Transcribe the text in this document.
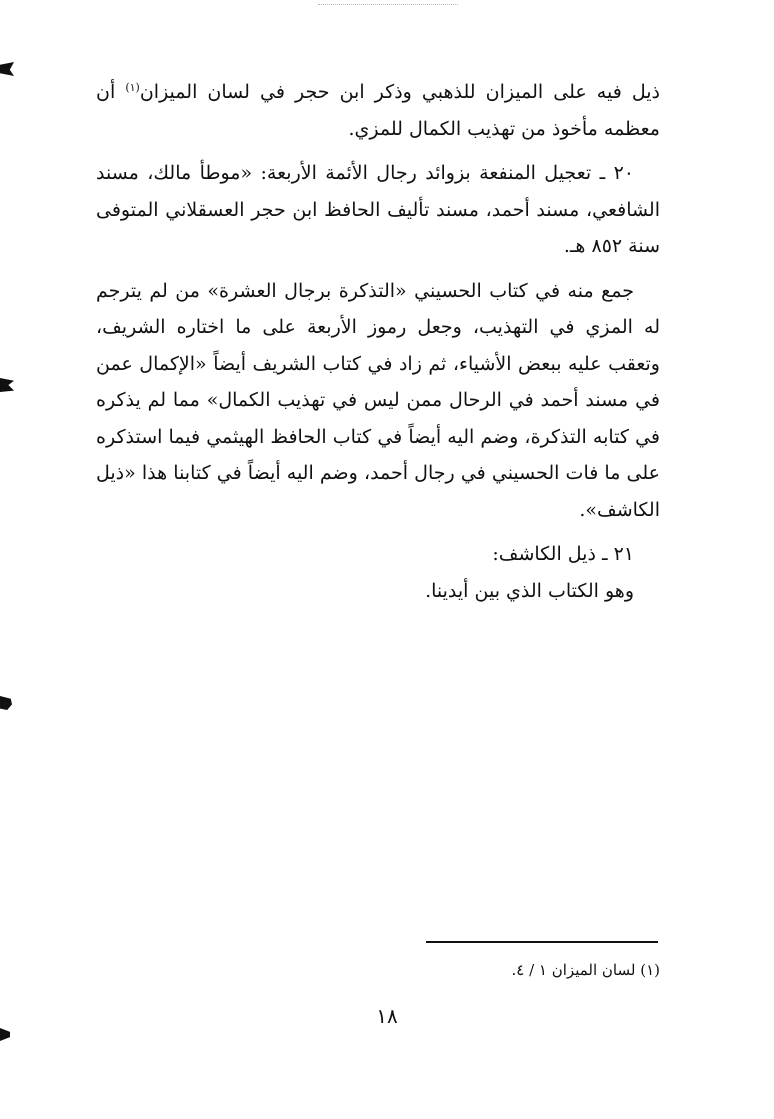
ذيل فيه على الميزان للذهبي وذكر ابن حجر في لسان الميزان$^{(١)}$ أن معظمه مأخوذ من تهذيب الكمال للمزي.

٢٠ ـ تعجيل المنفعة بزوائد رجال الأئمة الأربعة: «موطأ مالك، مسند الشافعي، مسند أحمد، مسند تأليف الحافظ ابن حجر العسقلاني المتوفى سنة ٨٥٢ هـ.

جمع منه في كتاب الحسيني «التذكرة برجال العشرة» من لم يترجم له المزي في التهذيب، وجعل رموز الأربعة على ما اختاره الشريف، وتعقب عليه ببعض الأشياء، ثم زاد في كتاب الشريف أيضاً «الإكمال عمن في مسند أحمد في الرحال ممن ليس في تهذيب الكمال» مما لم يذكره في كتابه التذكرة، وضم اليه أيضاً في كتاب الحافظ الهيثمي فيما استذكره على ما فات الحسيني في رجال أحمد، وضم اليه أيضاً في كتابنا هذا «ذيل الكاشف».

٢١ ـ ذيل الكاشف:

وهو الكتاب الذي بين أيدينا.

(١) لسان الميزان ١ / ٤.
١٨
